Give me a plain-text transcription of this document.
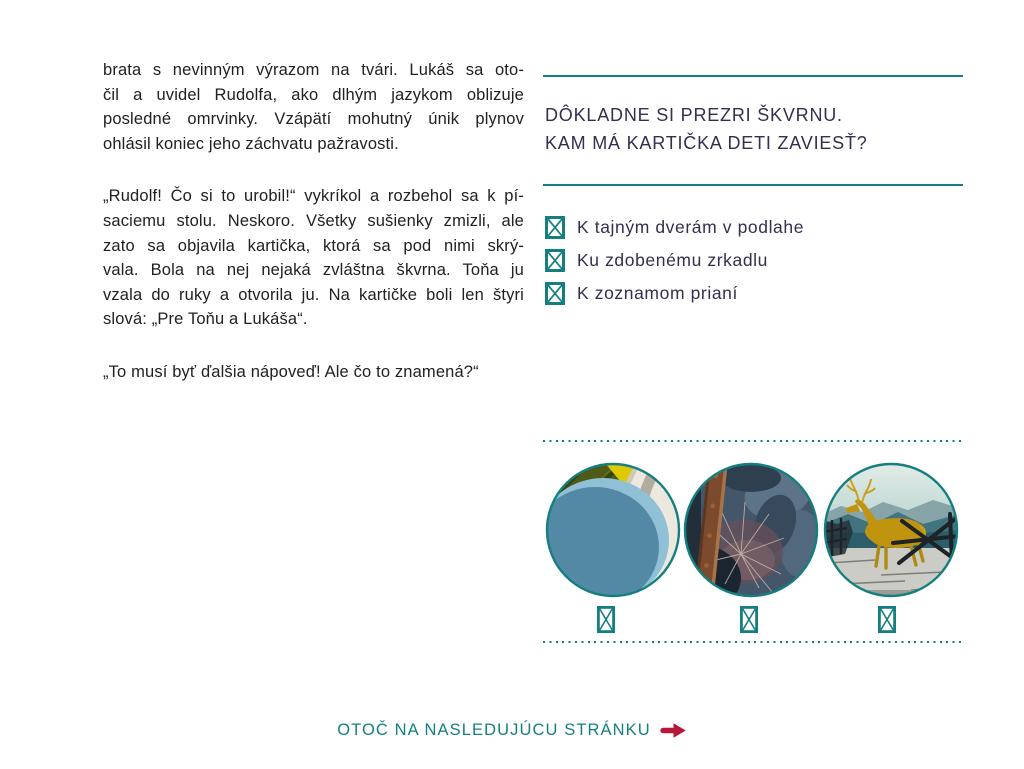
brata s nevinným výrazom na tvári. Lukáš sa oto-
čil a uvidel Rudolfa, ako dlhým jazykom oblizuje
posledné omrvinky. Vzápätí mohutný únik plynov
ohlásil koniec jeho záchvatu pažravosti.
„Rudolf! Čo si to urobil!“ vykríkol a rozbehol sa k pí-
saciemu stolu. Neskoro. Všetky sušienky zmizli, ale
zato sa objavila kartička, ktorá sa pod nimi skrý-
vala. Bola na nej nejaká zvláštna škvrna. Toňa ju
vzala do ruky a otvorila ju. Na kartičke boli len štyri
slová: „Pre Toňu a Lukáša“.
„To musí byť ďalšia nápoveď! Ale čo to znamená?“
DÔKLADNE SI PREZRI ŠKVRNU.
KAM MÁ KARTIČKA DETI ZAVIESŤ?
K tajným dverám v podlahe
Ku zdobenému zrkadlu
K zoznamom prianí
OTOČ NA NASLEDUJÚCU STRÁNKU
